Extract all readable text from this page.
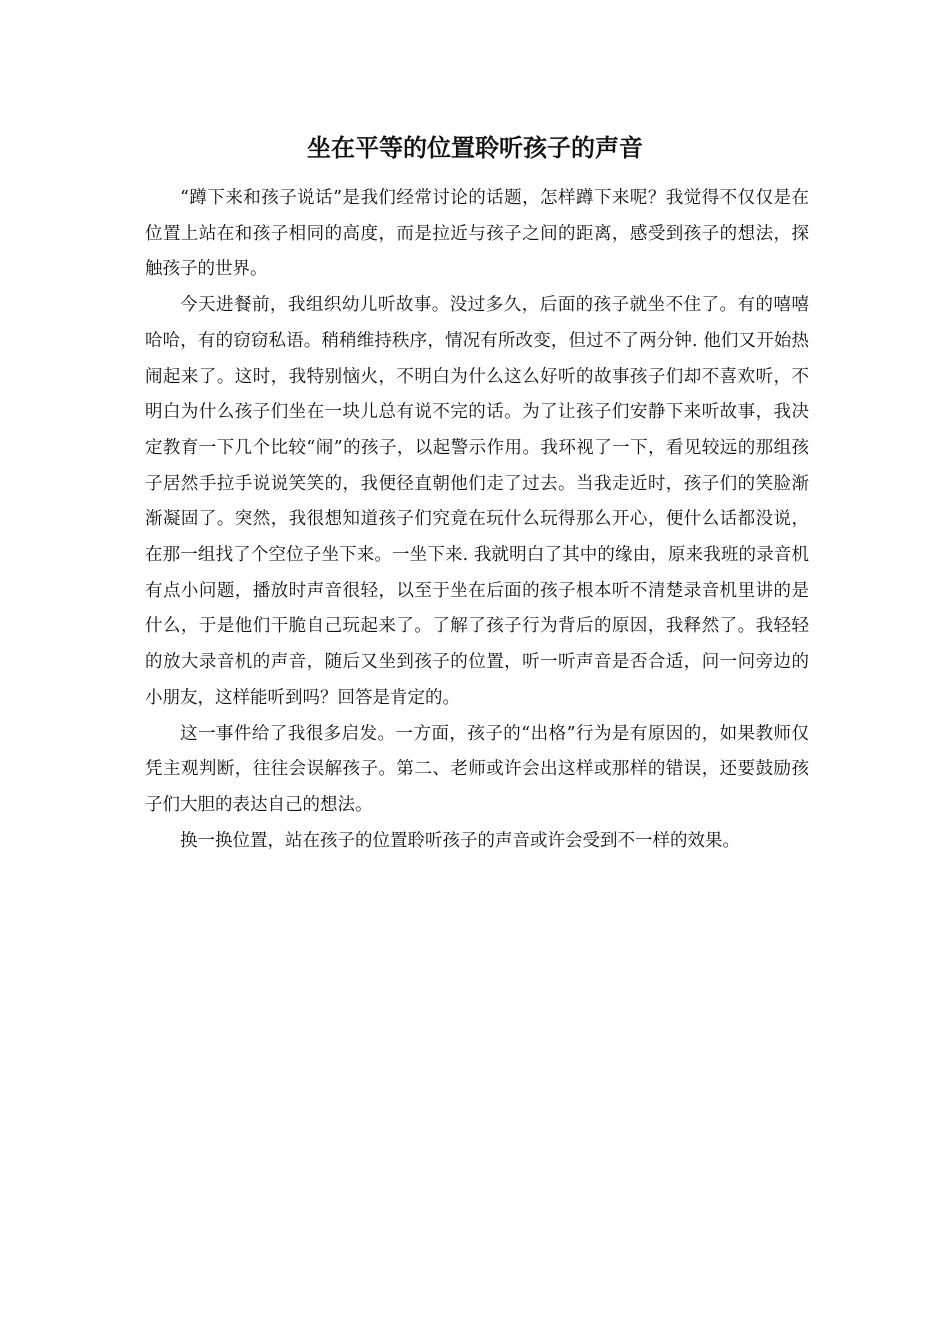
坐在平等的位置聆听孩子的声音

“蹲下来和孩子说话”是我们经常讨论的话题，怎样蹲下来呢？我觉得不仅仅是在位置上站在和孩子相同的高度，而是拉近与孩子之间的距离，感受到孩子的想法，探触孩子的世界。

今天进餐前，我组织幼儿听故事。没过多久，后面的孩子就坐不住了。有的嘻嘻哈哈，有的窃窃私语。稍稍维持秩序，情况有所改变，但过不了两分钟. 他们又开始热闹起来了。这时，我特别恼火，不明白为什么这么好听的故事孩子们却不喜欢听，不明白为什么孩子们坐在一块儿总有说不完的话。为了让孩子们安静下来听故事，我决定教育一下几个比较“闹”的孩子，以起警示作用。我环视了一下，看见较远的那组孩子居然手拉手说说笑笑的，我便径直朝他们走了过去。当我走近时，孩子们的笑脸渐渐凝固了。突然，我很想知道孩子们究竟在玩什么玩得那么开心，便什么话都没说，在那一组找了个空位子坐下来。一坐下来. 我就明白了其中的缘由，原来我班的录音机有点小问题，播放时声音很轻，以至于坐在后面的孩子根本听不清楚录音机里讲的是什么，于是他们干脆自己玩起来了。了解了孩子行为背后的原因，我释然了。我轻轻的放大录音机的声音，随后又坐到孩子的位置，听一听声音是否合适，问一问旁边的小朋友，这样能听到吗？回答是肯定的。

这一事件给了我很多启发。一方面，孩子的“出格”行为是有原因的，如果教师仅凭主观判断，往往会误解孩子。第二、老师或许会出这样或那样的错误，还要鼓励孩子们大胆的表达自己的想法。

换一换位置，站在孩子的位置聆听孩子的声音或许会受到不一样的效果。
